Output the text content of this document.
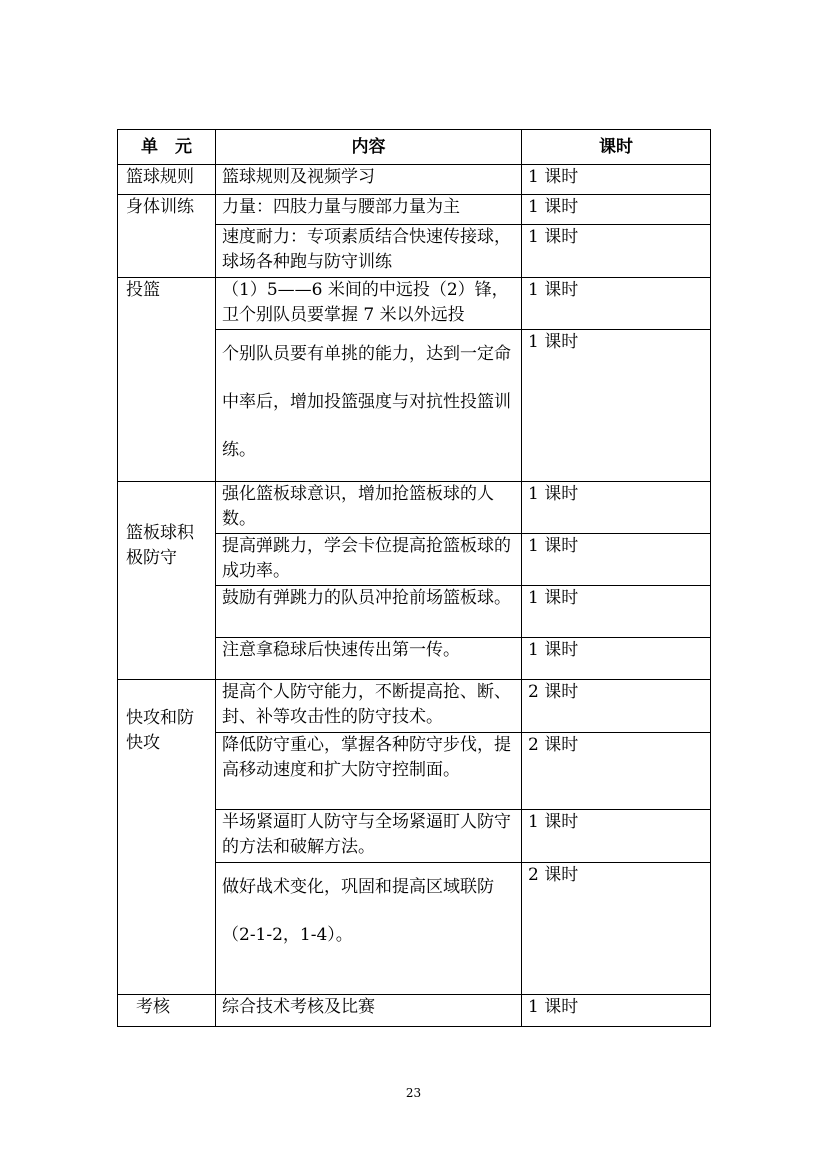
单　元	内容	课时
篮球规则	篮球规则及视频学习	1 课时
身体训练	力量：四肢力量与腰部力量为主	1 课时
	速度耐力：专项素质结合快速传接球，球场各种跑与防守训练	1 课时
投篮	（1）5——6 米间的中远投（2）锋，卫个别队员要掌握 7 米以外远投	1 课时
	个别队员要有单挑的能力，达到一定命中率后，增加投篮强度与对抗性投篮训练。	1 课时

篮板球积极防守	强化篮板球意识，增加抢篮板球的人数。	1 课时
	提高弹跳力，学会卡位提高抢篮板球的成功率。	1 课时
	鼓励有弹跳力的队员冲抢前场篮板球。	1 课时
	注意拿稳球后快速传出第一传。	1 课时

快攻和防快攻	提高个人防守能力，不断提高抢、断、封、补等攻击性的防守技术。	2 课时
	降低防守重心，掌握各种防守步伐，提高移动速度和扩大防守控制面。	2 课时
	半场紧逼盯人防守与全场紧逼盯人防守的方法和破解方法。	1 课时
	做好战术变化，巩固和提高区域联防（2-1-2，1-4）。	2 课时
考核	综合技术考核及比赛	1 课时
23
